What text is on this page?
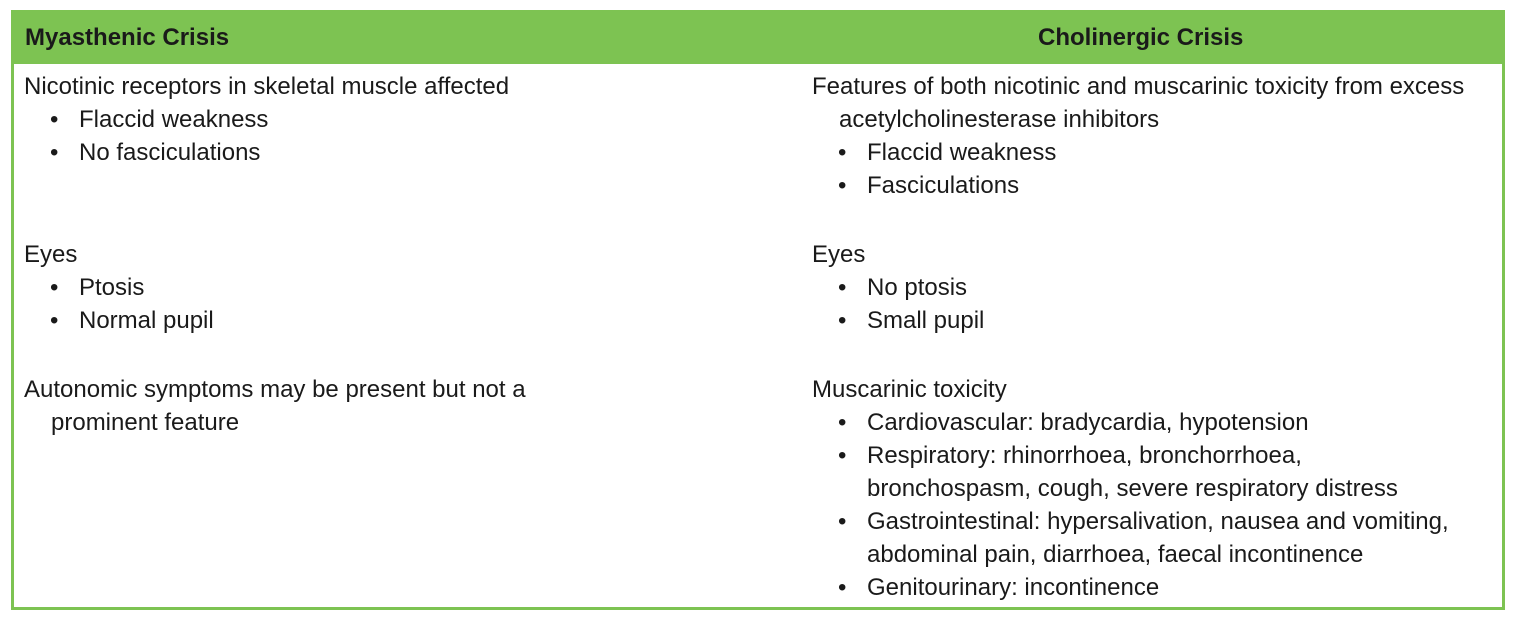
Myasthenic Crisis	Cholinergic Crisis

Nicotinic receptors in skeletal muscle affected

• Flaccid weakness
• No fasciculations

Eyes

• Ptosis
• Normal pupil

Autonomic symptoms may be present but not a prominent feature

Features of both nicotinic and muscarinic toxicity from excess acetylcholinesterase inhibitors

• Flaccid weakness
• Fasciculations

Eyes

• No ptosis
• Small pupil

Muscarinic toxicity

• Cardiovascular: bradycardia, hypotension
• Respiratory: rhinorrhoea, bronchorrhoea, bronchospasm, cough, severe respiratory distress
• Gastrointestinal: hypersalivation, nausea and vomiting, abdominal pain, diarrhoea, faecal incontinence
• Genitourinary: incontinence
